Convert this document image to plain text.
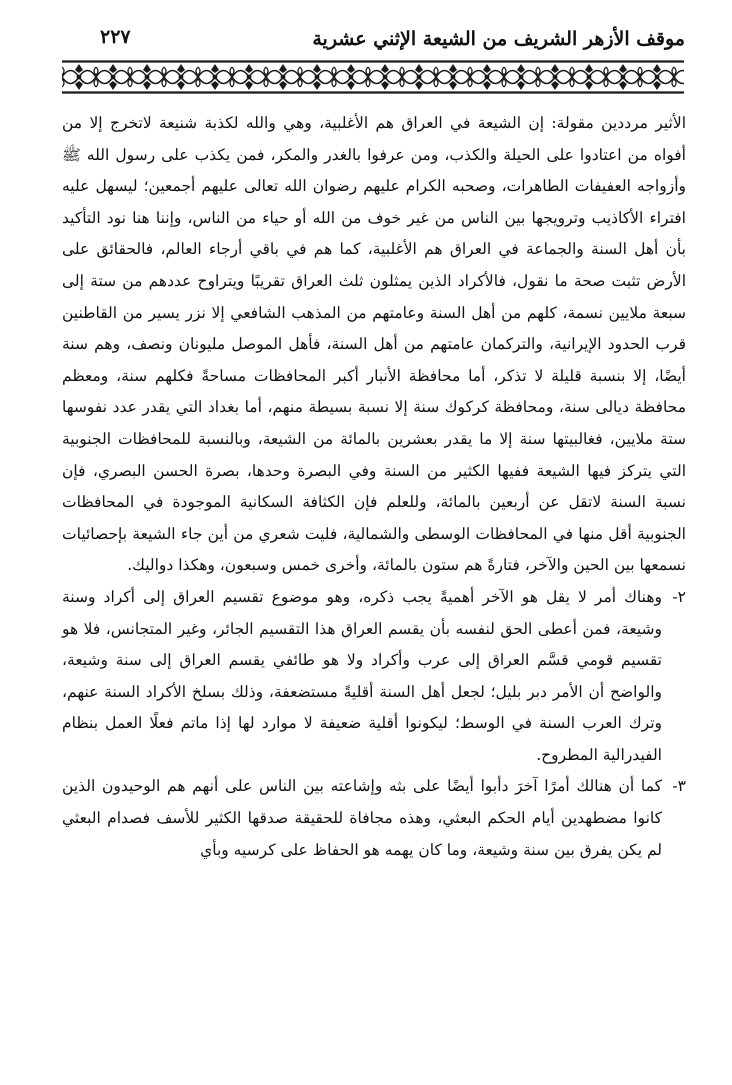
موقف الأزهر الشريف من الشيعة الإثني عشرية
٢٢٧

الأثير مرددين مقولة: إن الشيعة في العراق هم الأغلبية، وهي والله لكذبة شنيعة لاتخرج إلا من أفواه من اعتادوا على الحيلة والكذب، ومن عرفوا بالغدر والمكر، فمن يكذب على رسول الله ﷺ وأزواجه العفيفات الطاهرات، وصحبه الكرام عليهم رضوان الله تعالى عليهم أجمعين؛ ليسهل عليه افتراء الأكاذيب وترويجها بين الناس من غير خوف من الله أو حياء من الناس، وإننا هنا نود التأكيد بأن أهل السنة والجماعة في العراق هم الأغلبية، كما هم في باقي أرجاء العالم، فالحقائق على الأرض تثبت صحة ما نقول، فالأكراد الذين يمثلون ثلث العراق تقريبًا ويتراوح عددهم من ستة إلى سبعة ملايين نسمة، كلهم من أهل السنة وعامتهم من المذهب الشافعي إلا نزر يسير من القاطنين قرب الحدود الإيرانية، والتركمان عامتهم من أهل السنة، فأهل الموصل مليونان ونصف، وهم سنة أيضًا، إلا بنسبة قليلة لا تذكر، أما محافظة الأنبار أكبر المحافظات مساحةً فكلهم سنة، ومعظم محافظة ديالى سنة، ومحافظة كركوك سنة إلا نسبة بسيطة منهم، أما بغداد التي يقدر عدد نفوسها ستة ملايين، فغالبيتها سنة إلا ما يقدر بعشرين بالمائة من الشيعة، وبالنسبة للمحافظات الجنوبية التي يتركز فيها الشيعة ففيها الكثير من السنة وفي البصرة وحدها، بصرة الحسن البصري، فإن نسبة السنة لاتقل عن أربعين بالمائة، وللعلم فإن الكثافة السكانية الموجودة في المحافظات الجنوبية أقل منها في المحافظات الوسطى والشمالية، فليت شعري من أين جاء الشيعة بإحصائيات نسمعها بين الحين والآخر، فتارةً هم ستون بالمائة، وأخرى خمس وسبعون، وهكذا دواليك.

٢-
وهناك أمر لا يقل هو الآخر أهميةً يجب ذكره، وهو موضوع تقسيم العراق إلى أكراد وسنة وشيعة، فمن أعطى الحق لنفسه بأن يقسم العراق هذا التقسيم الجائر، وغير المتجانس، فلا هو تقسيم قومي قسَّم العراق إلى عرب وأكراد ولا هو طائفي يقسم العراق إلى سنة وشيعة، والواضح أن الأمر دبر بليل؛ لجعل أهل السنة أقليةً مستضعفة، وذلك بسلخ الأكراد السنة عنهم، وترك العرب السنة في الوسط؛ ليكونوا أقلية ضعيفة لا موارد لها إذا ماتم فعلًا العمل بنظام الفيدرالية المطروح.

٣-
كما أن هنالك أمرًا آخرَ دأبوا أيضًا على بثه وإشاعته بين الناس على أنهم هم الوحيدون الذين كانوا مضطهدين أيام الحكم البعثي، وهذه مجافاة للحقيقة صدقها الكثير للأسف فصدام البعثي لم يكن يفرق بين سنة وشيعة، وما كان يهمه هو الحفاظ على كرسيه وبأي
